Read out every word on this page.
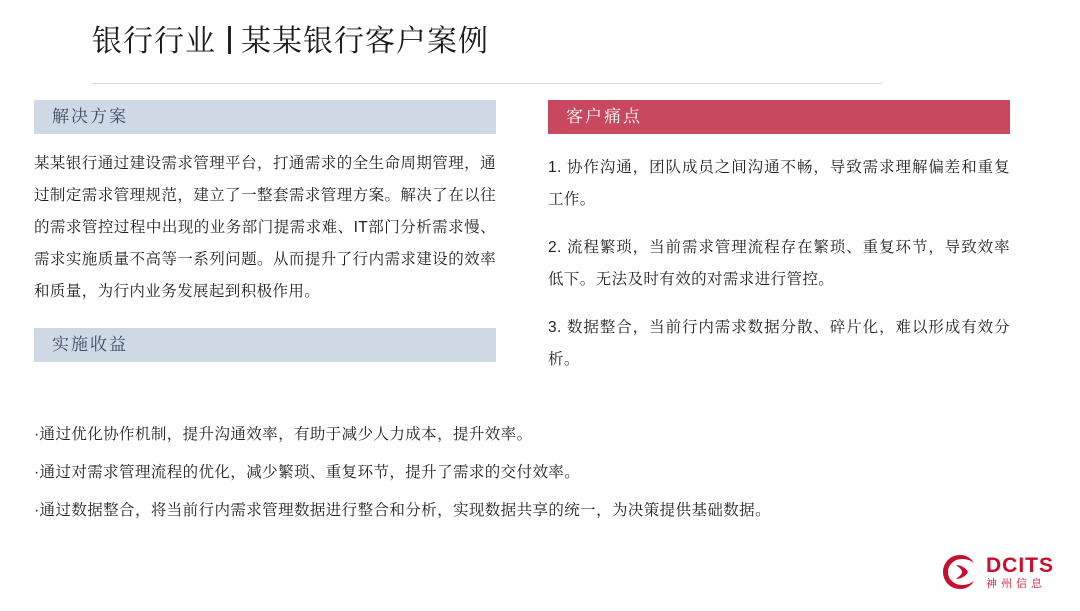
银行行业 某某银行客户案例
解决方案

某某银行通过建设需求管理平台，打通需求的全生命周期管理，通过制定需求管理规范，建立了一整套需求管理方案。解决了在以往的需求管控过程中出现的业务部门提需求难、IT部门分析需求慢、需求实施质量不高等一系列问题。从而提升了行内需求建设的效率和质量，为行内业务发展起到积极作用。

实施收益
客户痛点

1. 协作沟通，团队成员之间沟通不畅，导致需求理解偏差和重复工作。

2. 流程繁琐，当前需求管理流程存在繁琐、重复环节，导致效率低下。无法及时有效的对需求进行管控。

3. 数据整合，当前行内需求数据分散、碎片化，难以形成有效分析。

·通过优化协作机制，提升沟通效率，有助于减少人力成本，提升效率。
·通过对需求管理流程的优化，减少繁琐、重复环节，提升了需求的交付效率。
·通过数据整合，将当前行内需求管理数据进行整合和分析，实现数据共享的统一，为决策提供基础数据。
DCITS
神州信息
